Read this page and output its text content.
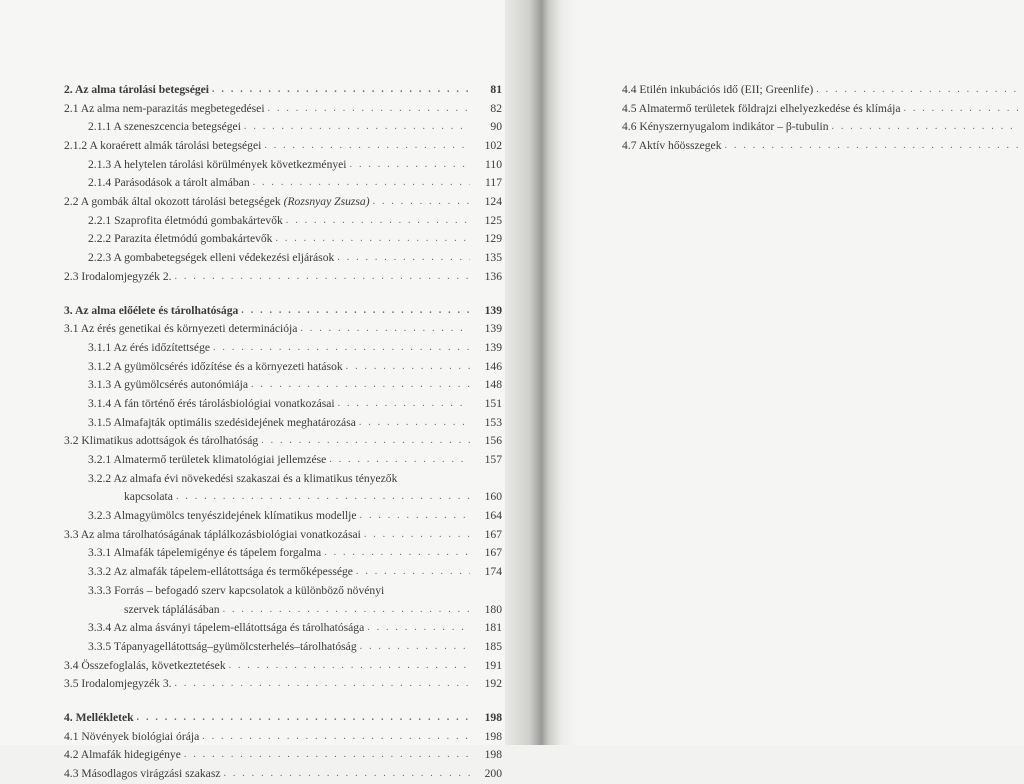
2. Az alma tárolási betegségei . . .	81
2.1 Az alma nem-parazitás megbetegedései . . .	82
2.1.1 A szeneszcencia betegségei . . .	90
2.1.2 A koraérett almák tárolási betegségei . . .	102
2.1.3 A helytelen tárolási körülmények következményei . . .	110
2.1.4 Parásodások a tárolt almában . . .	117
2.2 A gombák által okozott tárolási betegségek (Rozsnyay Zsuzsa) . . .	124
2.2.1 Szaprofita életmódú gombakártevők . . .	125
2.2.2 Parazita életmódú gombakártevők . . .	129
2.2.3 A gombabetegségek elleni védekezési eljárások . . .	135
2.3 Irodalomjegyzék 2. . . .	136
3. Az alma előélete és tárolhatósága . . .	139
3.1 Az érés genetikai és környezeti determinációja . . .	139
3.1.1 Az érés időzítettsége . . .	139
3.1.2 A gyümölcsérés időzítése és a környezeti hatások . . .	146
3.1.3 A gyümölcsérés autonómiája . . .	148
3.1.4 A fán történő érés tárolásbiológiai vonatkozásai . . .	151
3.1.5 Almafajták optimális szedésidejének meghatározása . . .	153
3.2 Klimatikus adottságok és tárolhatóság . . .	156
3.2.1 Almatermő területek klimatológiai jellemzése . . .	157
3.2.2 Az almafa évi növekedési szakaszai és a klimatikus tényezők
kapcsolata . . .	160
3.2.3 Almagyümölcs tenyészidejének klímatikus modellje . . .	164
3.3 Az alma tárolhatóságának táplálkozásbiológiai vonatkozásai . . .	167
3.3.1 Almafák tápelemigénye és tápelem forgalma . . .	167
3.3.2 Az almafák tápelem-ellátottsága és termőképessége . . .	174
3.3.3 Forrás – befogadó szerv kapcsolatok a különböző növényi
szervek táplálásában . . .	180
3.3.4 Az alma ásványi tápelem-ellátottsága és tárolhatósága . . .	181
3.3.5 Tápanyagellátottság–gyümölcsterhelés–tárolhatóság . . .	185
3.4 Összefoglalás, következtetések . . .	191
3.5 Irodalomjegyzék 3. . . .	192
4. Mellékletek . . .	198
4.1 Növények biológiai órája . . .	198
4.2 Almafák hidegigénye . . .	198
4.3 Másodlagos virágzási szakasz . . .	200
4.4 Etilén inkubációs idő (EII; Greenlife)
. . .
4.5 Almatermő területek földrajzi elhelyezkedése és klímája
. . .
4.6 Kényszernyugalom indikátor – β-tubulin
. . .
4.7 Aktív hőösszegek
. . .
